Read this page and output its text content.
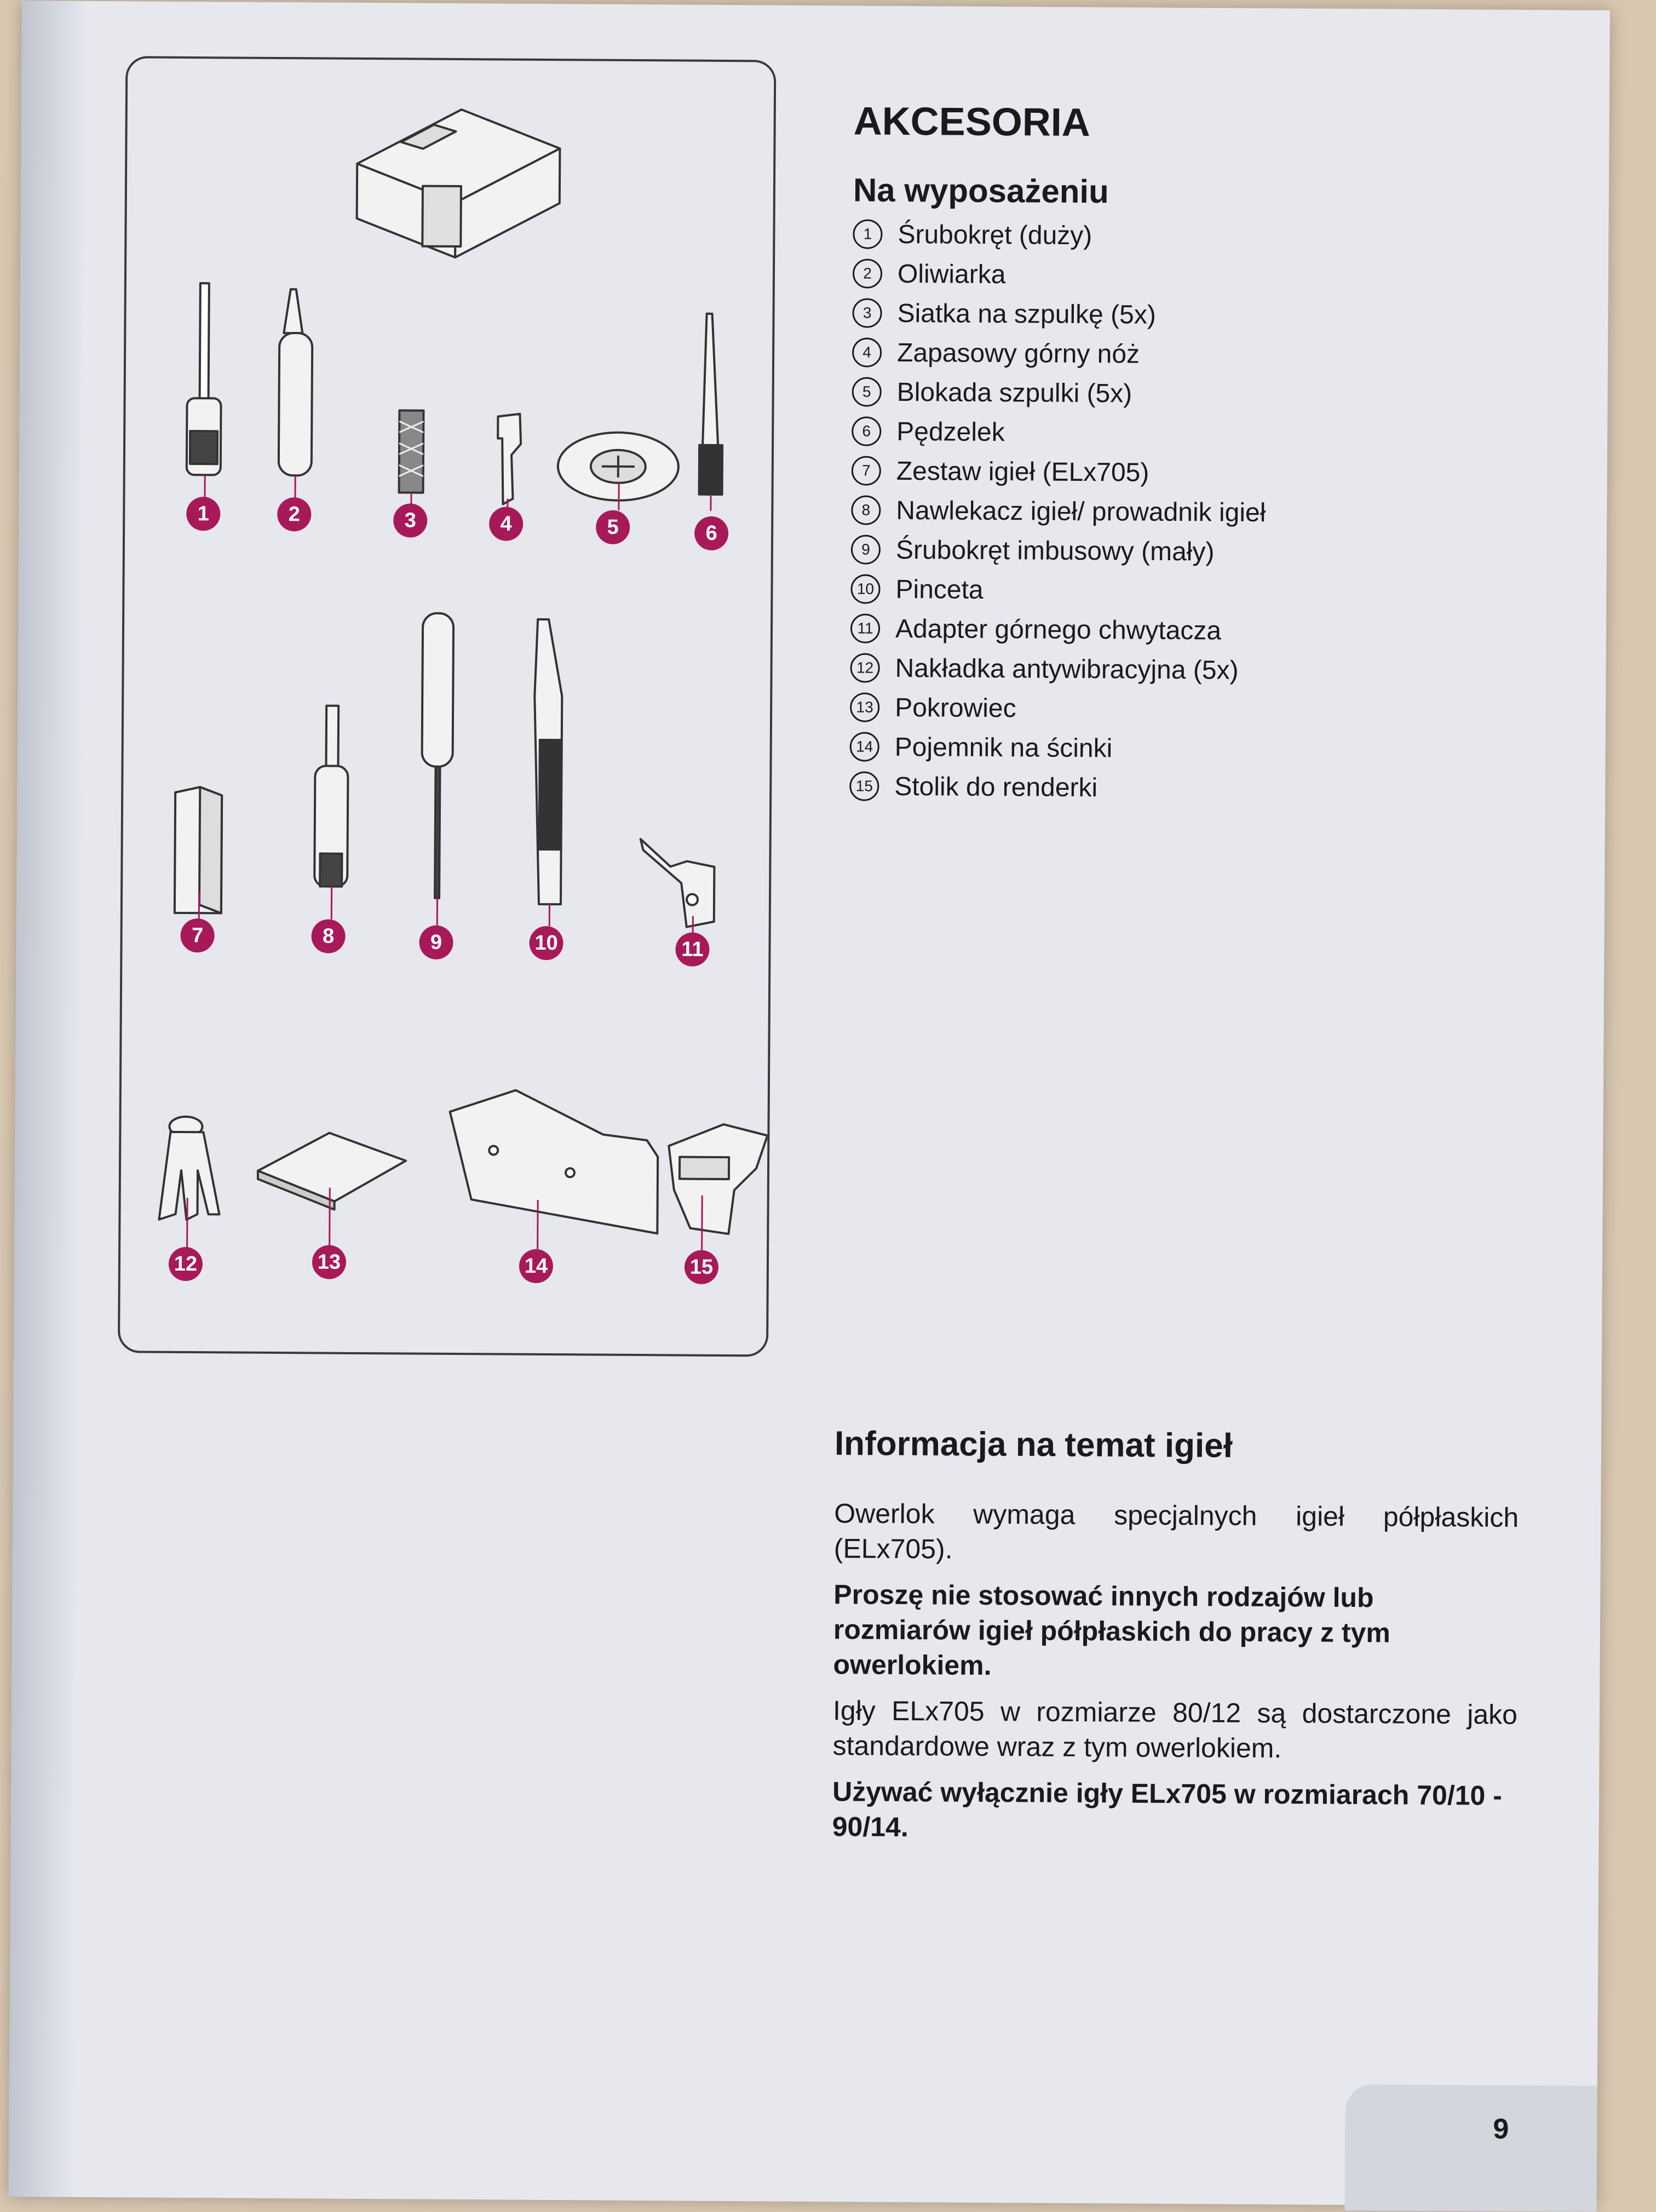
1	2	3	4	5	6
7	8	9	10	11
12	13	14	15
AKCESORIA
Na wyposażeniu
1 Śrubokręt (duży)
2 Oliwiarka
3 Siatka na szpulkę (5x)
4 Zapasowy górny nóż
5 Blokada szpulki (5x)
6 Pędzelek
7 Zestaw igieł (ELx705)
8 Nawlekacz igieł/ prowadnik igieł
9 Śrubokręt imbusowy (mały)
10 Pinceta
11 Adapter górnego chwytacza
12 Nakładka antywibracyjna (5x)
13 Pokrowiec
14 Pojemnik na ścinki
15 Stolik do renderki
Informacja na temat igieł

Owerlok wymaga specjalnych igieł półpłaskich (ELx705).

Proszę nie stosować innych rodzajów lub rozmiarów igieł półpłaskich do pracy z tym owerlokiem.

Igły ELx705 w rozmiarze 80/12 są dostarczone jako standardowe wraz z tym owerlokiem.

Używać wyłącznie igły ELx705 w rozmiarach 70/10 - 90/14.

9
